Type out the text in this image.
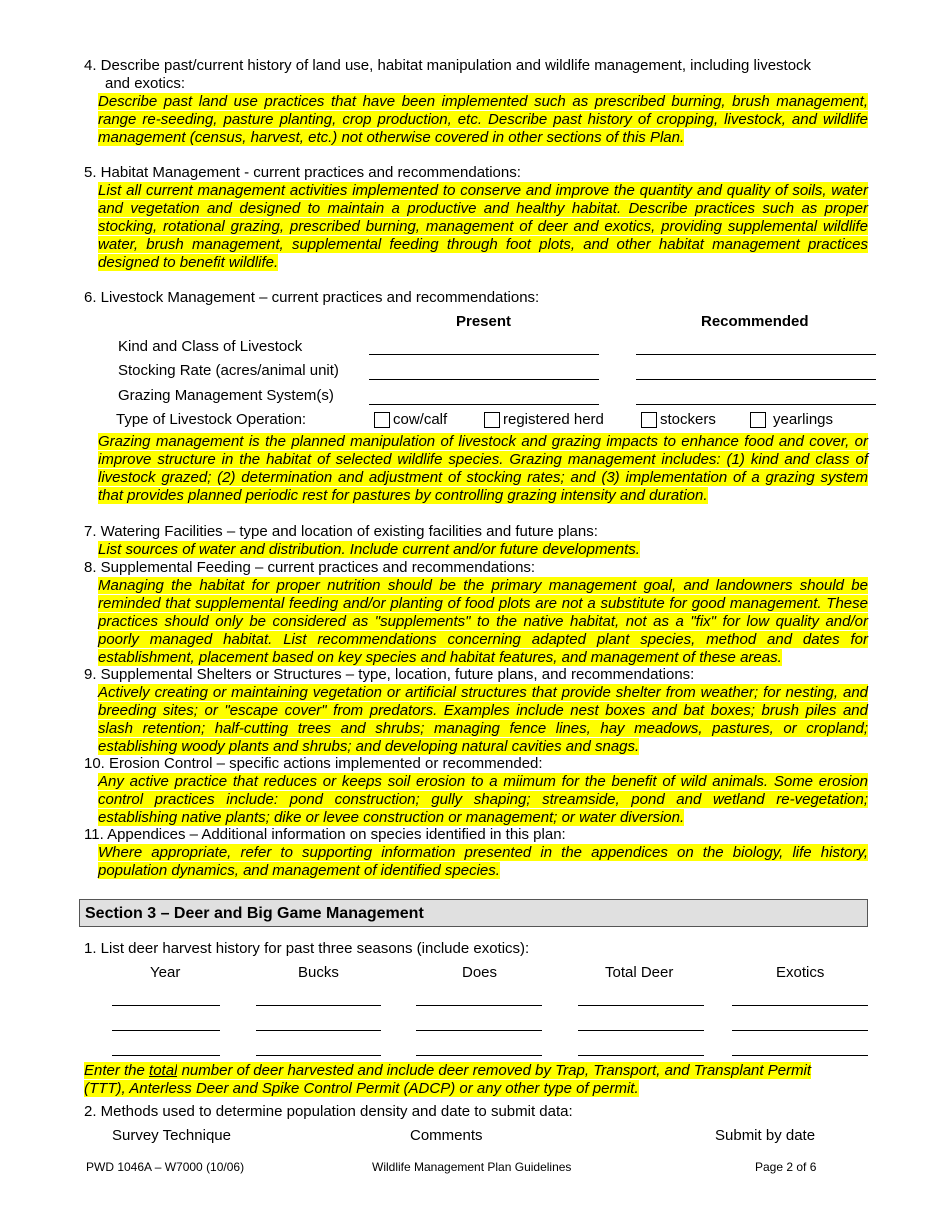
4. Describe past/current history of land use, habitat manipulation and wildlife management, including livestock
and exotics:
Describe past land use practices that have been implemented such as prescribed burning, brush management, range re-seeding, pasture planting, crop production, etc. Describe past history of cropping, livestock, and wildlife management (census, harvest, etc.) not otherwise covered in other sections of this Plan.
5. Habitat Management - current practices and recommendations:
List all current management activities implemented to conserve and improve the quantity and quality of soils, water and vegetation and designed to maintain a productive and healthy habitat. Describe practices such as proper stocking, rotational grazing, prescribed burning, management of deer and exotics, providing supplemental wildlife water, brush management, supplemental feeding through foot plots, and other habitat management practices designed to benefit wildlife.
6. Livestock Management – current practices and recommendations:
Present	Recommended
Kind and Class of Livestock
Stocking Rate (acres/animal unit)
Grazing Management System(s)
Type of Livestock Operation:	cow/calf	registered herd	stockers	yearlings
Grazing management is the planned manipulation of livestock and grazing impacts to enhance food and cover, or improve structure in the habitat of selected wildlife species. Grazing management includes: (1) kind and class of livestock grazed; (2) determination and adjustment of stocking rates; and (3) implementation of a grazing system that provides planned periodic rest for pastures by controlling grazing intensity and duration.
7. Watering Facilities – type and location of existing facilities and future plans:
List sources of water and distribution. Include current and/or future developments.
8. Supplemental Feeding – current practices and recommendations:
Managing the habitat for proper nutrition should be the primary management goal, and landowners should be reminded that supplemental feeding and/or planting of food plots are not a substitute for good management. These practices should only be considered as "supplements" to the native habitat, not as a "fix" for low quality and/or poorly managed habitat. List recommendations concerning adapted plant species, method and dates for establishment, placement based on key species and habitat features, and management of these areas.
9. Supplemental Shelters or Structures – type, location, future plans, and recommendations:
Actively creating or maintaining vegetation or artificial structures that provide shelter from weather; for nesting, and breeding sites; or "escape cover" from predators. Examples include nest boxes and bat boxes; brush piles and slash retention; half-cutting trees and shrubs; managing fence lines, hay meadows, pastures, or cropland; establishing woody plants and shrubs; and developing natural cavities and snags.
10. Erosion Control – specific actions implemented or recommended:
Any active practice that reduces or keeps soil erosion to a miimum for the benefit of wild animals. Some erosion control practices include: pond construction; gully shaping; streamside, pond and wetland re-vegetation; establishing native plants; dike or levee construction or management; or water diversion.
11. Appendices – Additional information on species identified in this plan:
Where appropriate, refer to supporting information presented in the appendices on the biology, life history, population dynamics, and management of identified species.
Section 3 – Deer and Big Game Management
1. List deer harvest history for past three seasons (include exotics):
Year	Bucks	Does	Total Deer	Exotics
Enter the total number of deer harvested and include deer removed by Trap, Transport, and Transplant Permit (TTT), Anterless Deer and Spike Control Permit (ADCP) or any other type of permit.
2. Methods used to determine population density and date to submit data:
Survey Technique	Comments	Submit by date
PWD 1046A – W7000 (10/06)	Wildlife Management Plan Guidelines	Page 2 of 6
